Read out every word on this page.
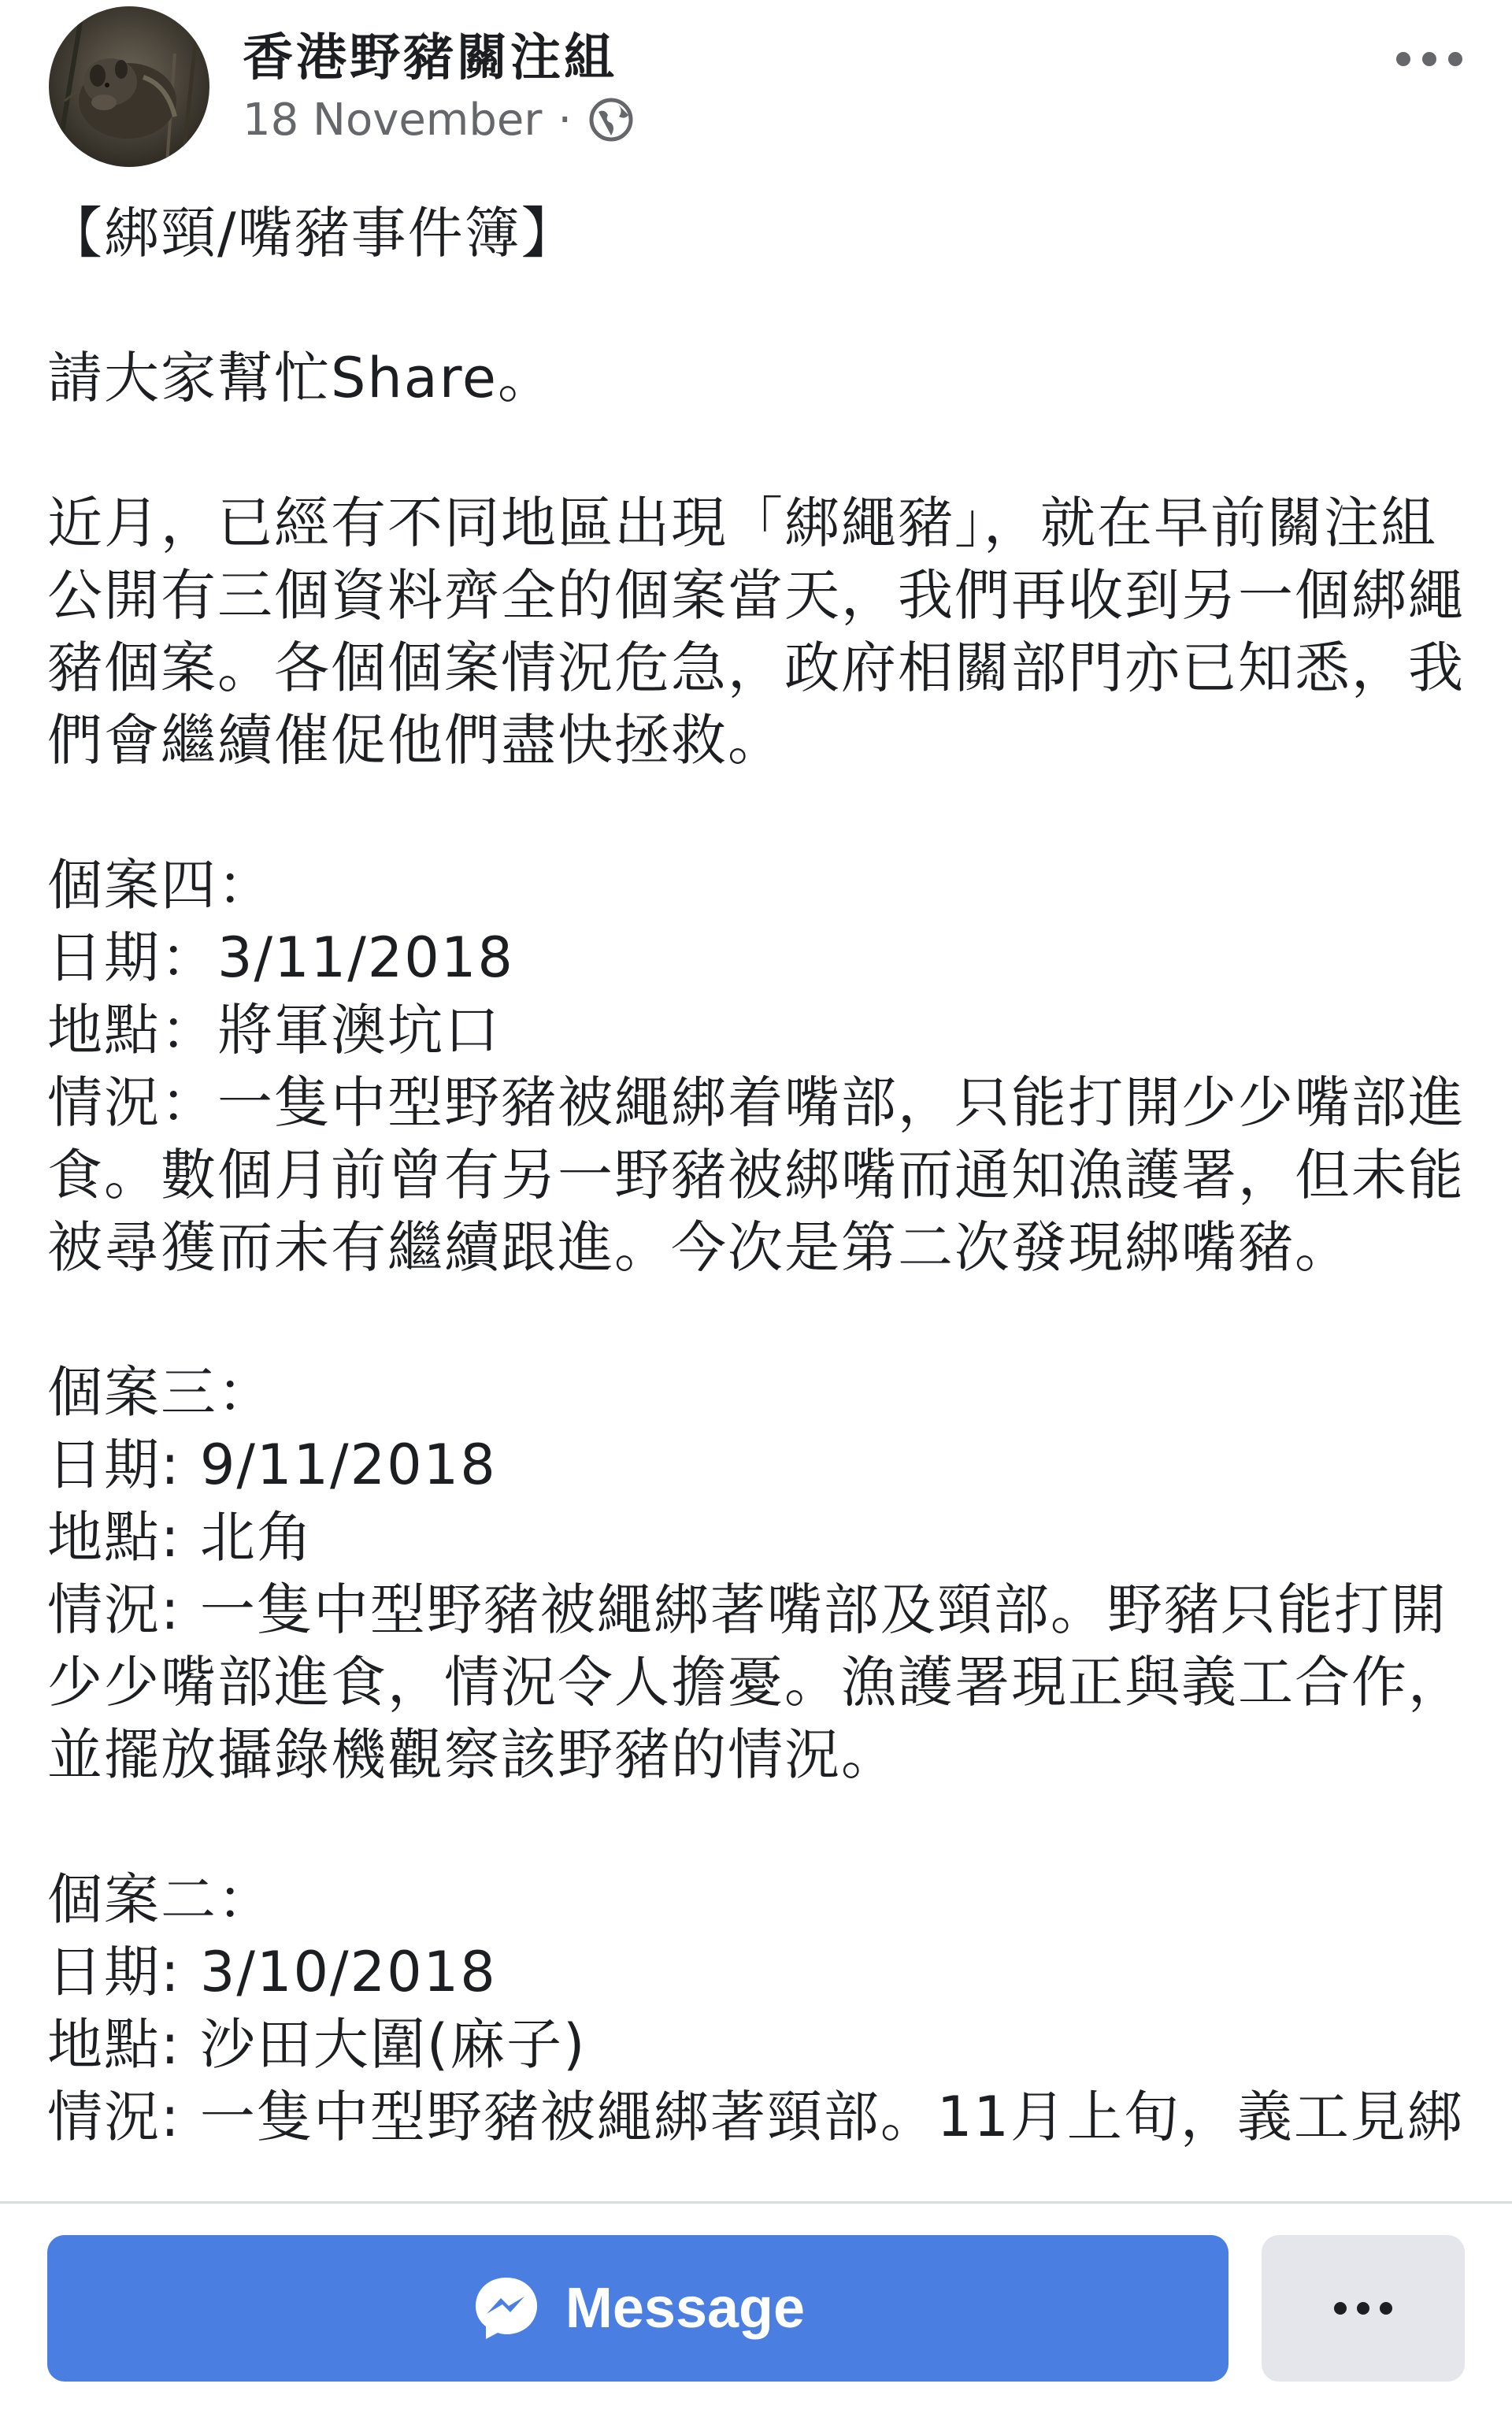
香港野豬關注組
18 November ·

【綁頸/嘴豬事件簿】

請大家幫忙Share。

近月，已經有不同地區出現「綁繩豬」，就在早前關注組公開有三個資料齊全的個案當天，我們再收到另一個綁繩豬個案。各個個案情況危急，政府相關部門亦已知悉，我們會繼續催促他們盡快拯救。

個案四：
日期：3/11/2018
地點：將軍澳坑口
情況：一隻中型野豬被繩綁着嘴部，只能打開少少嘴部進食。數個月前曾有另一野豬被綁嘴而通知漁護署，但未能被尋獲而未有繼續跟進。今次是第二次發現綁嘴豬。
個案三：
日期: 9/11/2018
地點: 北角
情況: 一隻中型野豬被繩綁著嘴部及頸部。野豬只能打開少少嘴部進食，情況令人擔憂。漁護署現正與義工合作，並擺放攝錄機觀察該野豬的情況。
個案二：
日期: 3/10/2018
地點: 沙田大圍(麻子)
情況: 一隻中型野豬被繩綁著頸部。11月上旬，義工見綁
Message
